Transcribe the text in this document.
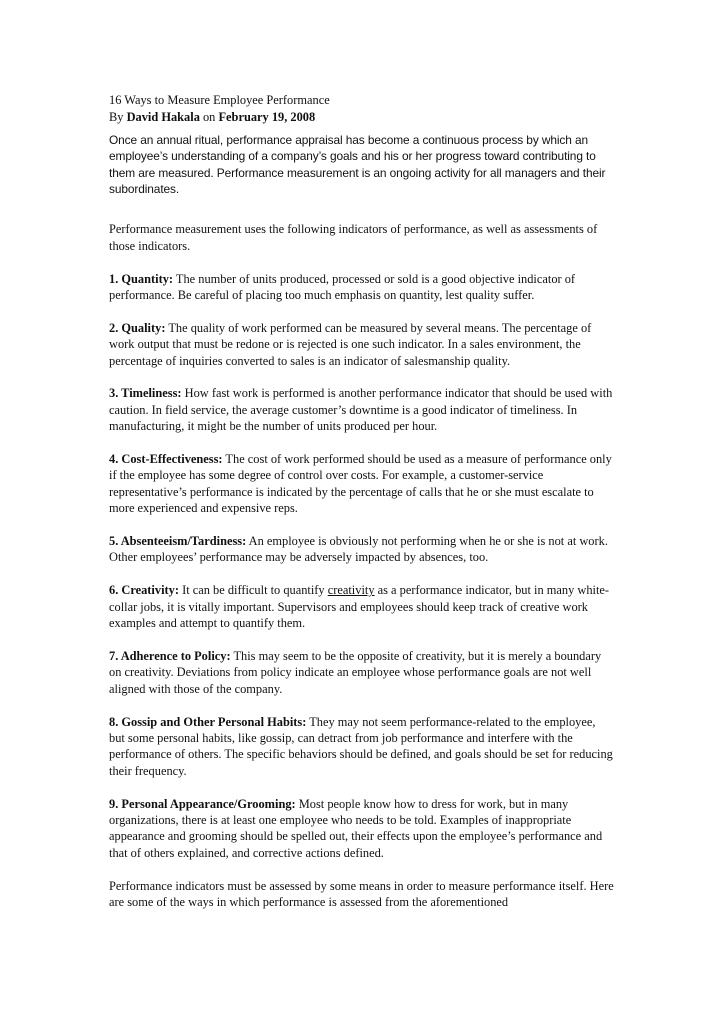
16 Ways to Measure Employee Performance
By David Hakala on February 19, 2008
Once an annual ritual, performance appraisal has become a continuous process by which an employee’s understanding of a company’s goals and his or her progress toward contributing to them are measured. Performance measurement is an ongoing activity for all managers and their subordinates.

Performance measurement uses the following indicators of performance, as well as assessments of those indicators.

1. Quantity: The number of units produced, processed or sold is a good objective indicator of performance. Be careful of placing too much emphasis on quantity, lest quality suffer.

2. Quality: The quality of work performed can be measured by several means. The percentage of work output that must be redone or is rejected is one such indicator. In a sales environment, the percentage of inquiries converted to sales is an indicator of salesmanship quality.

3. Timeliness: How fast work is performed is another performance indicator that should be used with caution. In field service, the average customer’s downtime is a good indicator of timeliness. In manufacturing, it might be the number of units produced per hour.

4. Cost-Effectiveness: The cost of work performed should be used as a measure of performance only if the employee has some degree of control over costs. For example, a customer-service representative’s performance is indicated by the percentage of calls that he or she must escalate to more experienced and expensive reps.

5. Absenteeism/Tardiness: An employee is obviously not performing when he or she is not at work. Other employees’ performance may be adversely impacted by absences, too.

6. Creativity: It can be difficult to quantify creativity as a performance indicator, but in many white-collar jobs, it is vitally important. Supervisors and employees should keep track of creative work examples and attempt to quantify them.

7. Adherence to Policy: This may seem to be the opposite of creativity, but it is merely a boundary on creativity. Deviations from policy indicate an employee whose performance goals are not well aligned with those of the company.

8. Gossip and Other Personal Habits: They may not seem performance-related to the employee, but some personal habits, like gossip, can detract from job performance and interfere with the performance of others. The specific behaviors should be defined, and goals should be set for reducing their frequency.

9. Personal Appearance/Grooming: Most people know how to dress for work, but in many organizations, there is at least one employee who needs to be told. Examples of inappropriate appearance and grooming should be spelled out, their effects upon the employee’s performance and that of others explained, and corrective actions defined.

Performance indicators must be assessed by some means in order to measure performance itself. Here are some of the ways in which performance is assessed from the aforementioned
